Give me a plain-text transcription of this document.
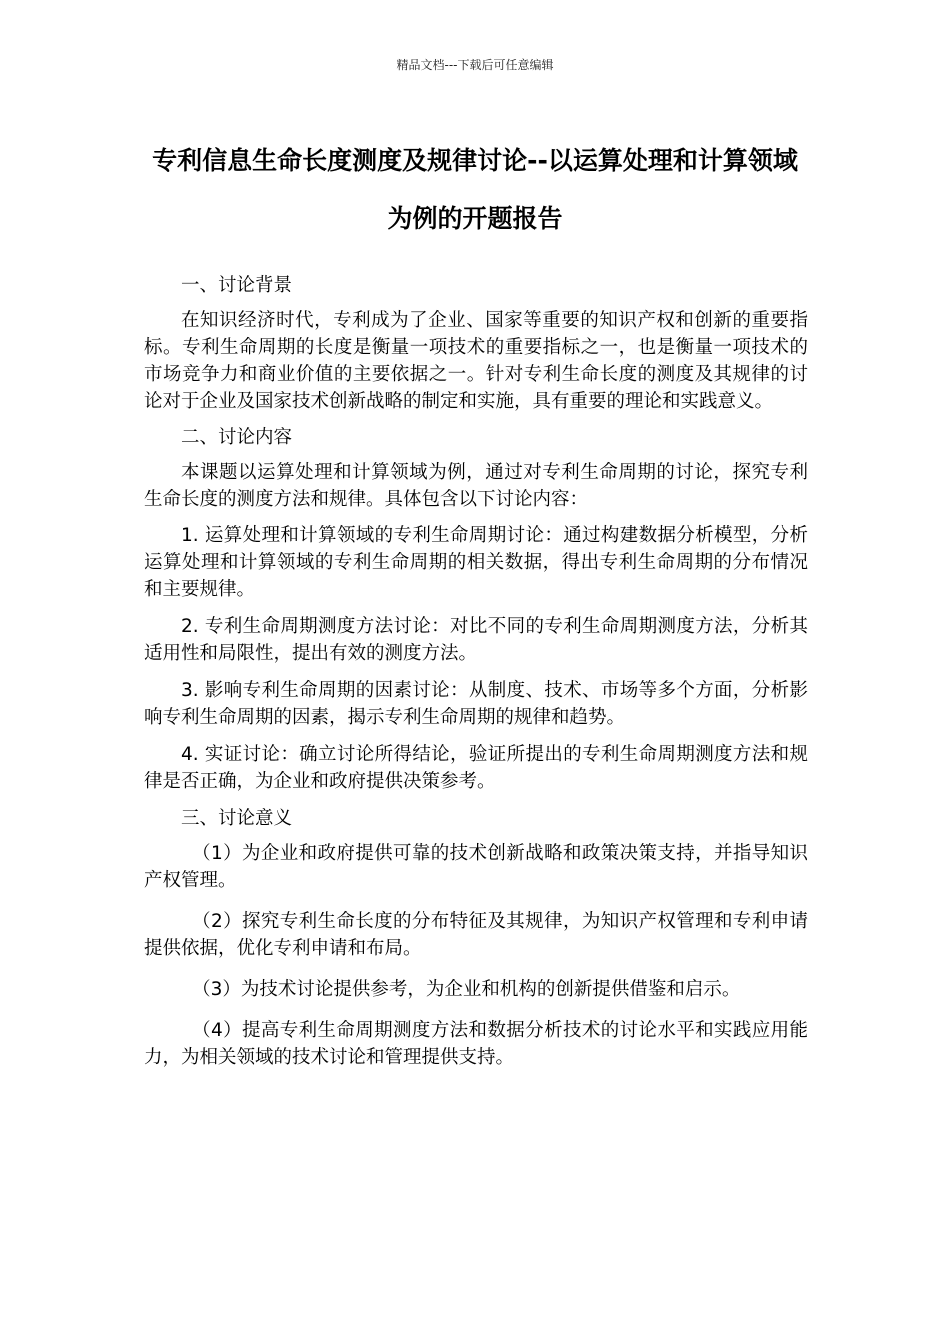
精品文档---下载后可任意编辑
专利信息生命长度测度及规律讨论--以运算处理和计算领域为例的开题报告

一、讨论背景

在知识经济时代，专利成为了企业、国家等重要的知识产权和创新的重要指标。专利生命周期的长度是衡量一项技术的重要指标之一，也是衡量一项技术的市场竞争力和商业价值的主要依据之一。针对专利生命长度的测度及其规律的讨论对于企业及国家技术创新战略的制定和实施，具有重要的理论和实践意义。

二、讨论内容

本课题以运算处理和计算领域为例，通过对专利生命周期的讨论，探究专利生命长度的测度方法和规律。具体包含以下讨论内容：

1. 运算处理和计算领域的专利生命周期讨论：通过构建数据分析模型，分析运算处理和计算领域的专利生命周期的相关数据，得出专利生命周期的分布情况和主要规律。

2. 专利生命周期测度方法讨论：对比不同的专利生命周期测度方法，分析其适用性和局限性，提出有效的测度方法。

3. 影响专利生命周期的因素讨论：从制度、技术、市场等多个方面，分析影响专利生命周期的因素，揭示专利生命周期的规律和趋势。

4. 实证讨论：确立讨论所得结论，验证所提出的专利生命周期测度方法和规律是否正确，为企业和政府提供决策参考。

三、讨论意义

（1）为企业和政府提供可靠的技术创新战略和政策决策支持，并指导知识产权管理。

（2）探究专利生命长度的分布特征及其规律，为知识产权管理和专利申请提供依据，优化专利申请和布局。

（3）为技术讨论提供参考，为企业和机构的创新提供借鉴和启示。

（4）提高专利生命周期测度方法和数据分析技术的讨论水平和实践应用能力，为相关领域的技术讨论和管理提供支持。
